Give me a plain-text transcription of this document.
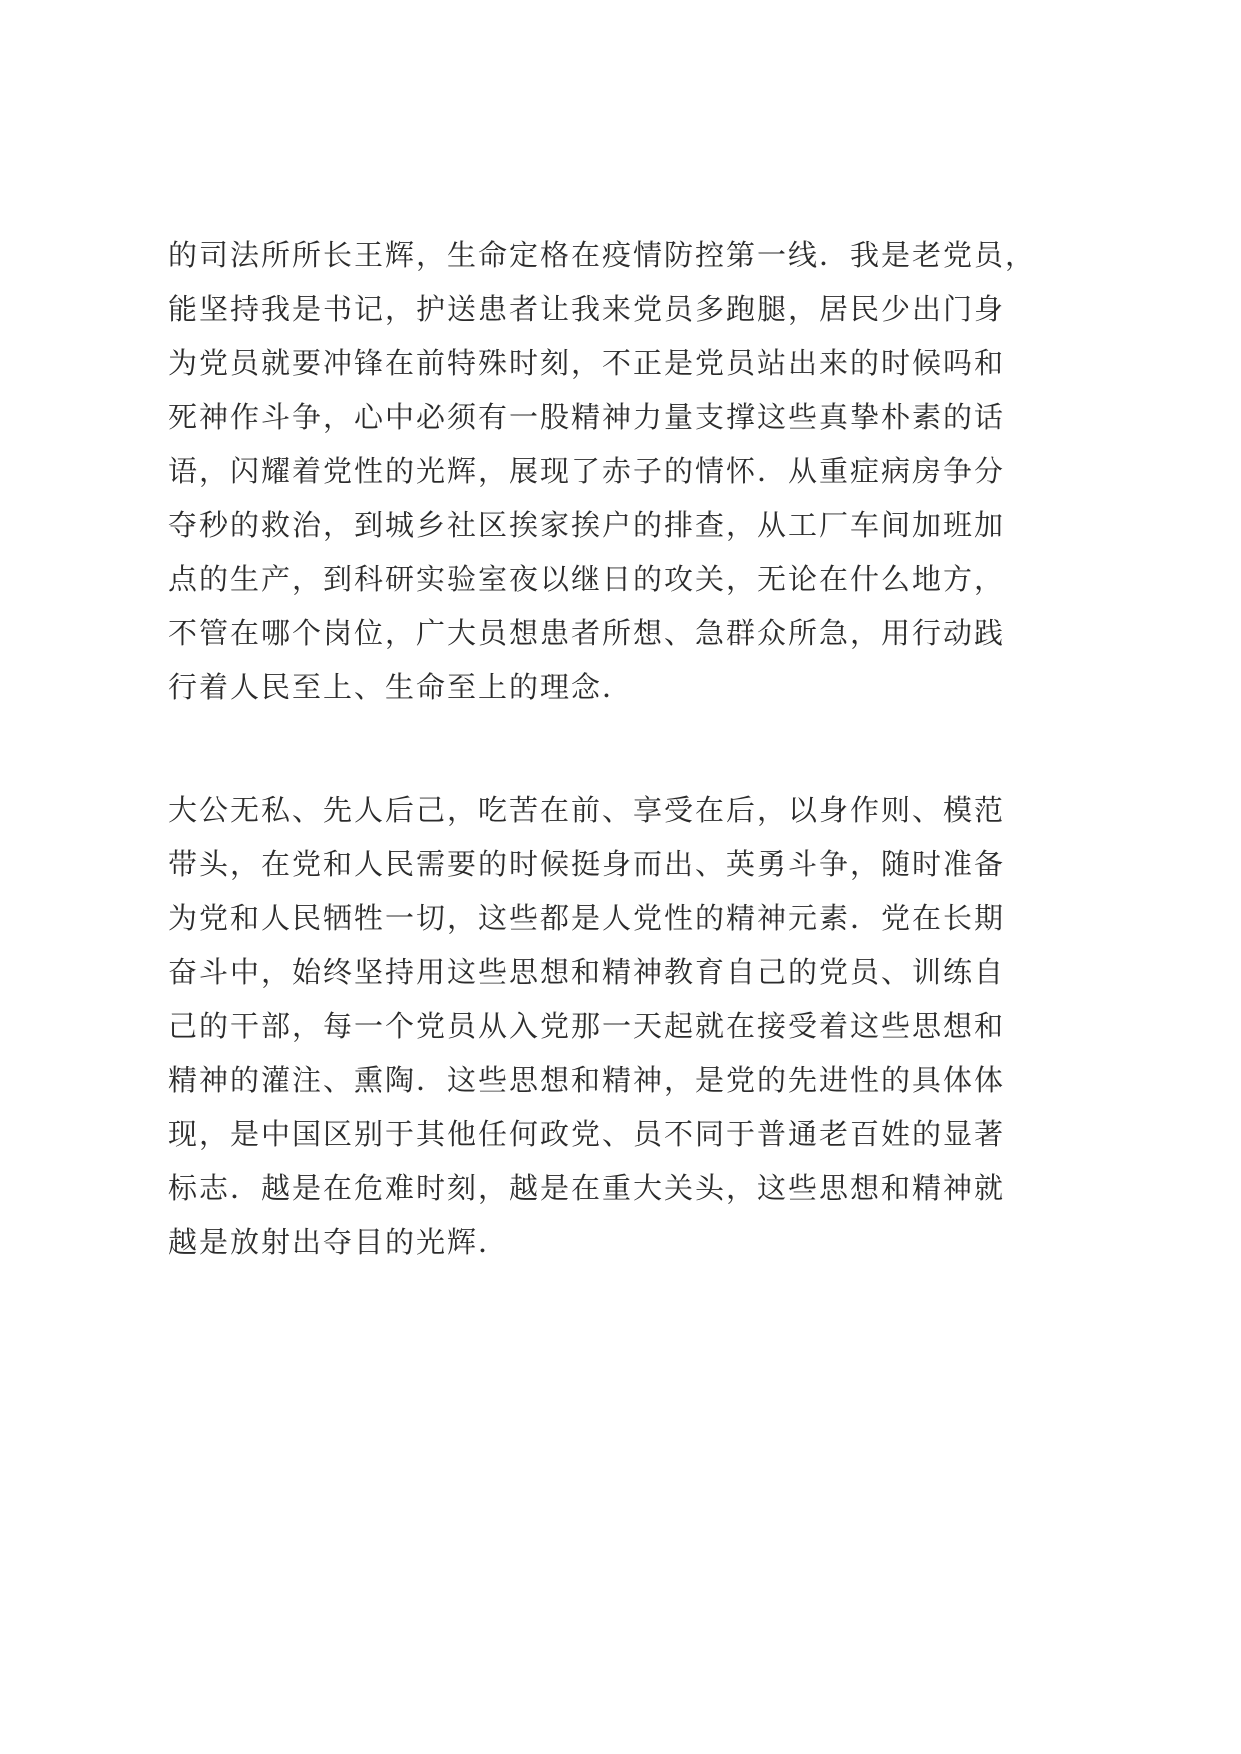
的司法所所长王辉，生命定格在疫情防控第一线．我是老党员，
能坚持我是书记，护送患者让我来党员多跑腿，居民少出门身
为党员就要冲锋在前特殊时刻，不正是党员站出来的时候吗和
死神作斗争，心中必须有一股精神力量支撑这些真挚朴素的话
语，闪耀着党性的光辉，展现了赤子的情怀．从重症病房争分
夺秒的救治，到城乡社区挨家挨户的排查，从工厂车间加班加
点的生产，到科研实验室夜以继日的攻关，无论在什么地方，
不管在哪个岗位，广大员想患者所想、急群众所急，用行动践
行着人民至上、生命至上的理念．
大公无私、先人后己，吃苦在前、享受在后，以身作则、模范
带头，在党和人民需要的时候挺身而出、英勇斗争，随时准备
为党和人民牺牲一切，这些都是人党性的精神元素．党在长期
奋斗中，始终坚持用这些思想和精神教育自己的党员、训练自
己的干部，每一个党员从入党那一天起就在接受着这些思想和
精神的灌注、熏陶．这些思想和精神，是党的先进性的具体体
现，是中国区别于其他任何政党、员不同于普通老百姓的显著
标志．越是在危难时刻，越是在重大关头，这些思想和精神就
越是放射出夺目的光辉．
